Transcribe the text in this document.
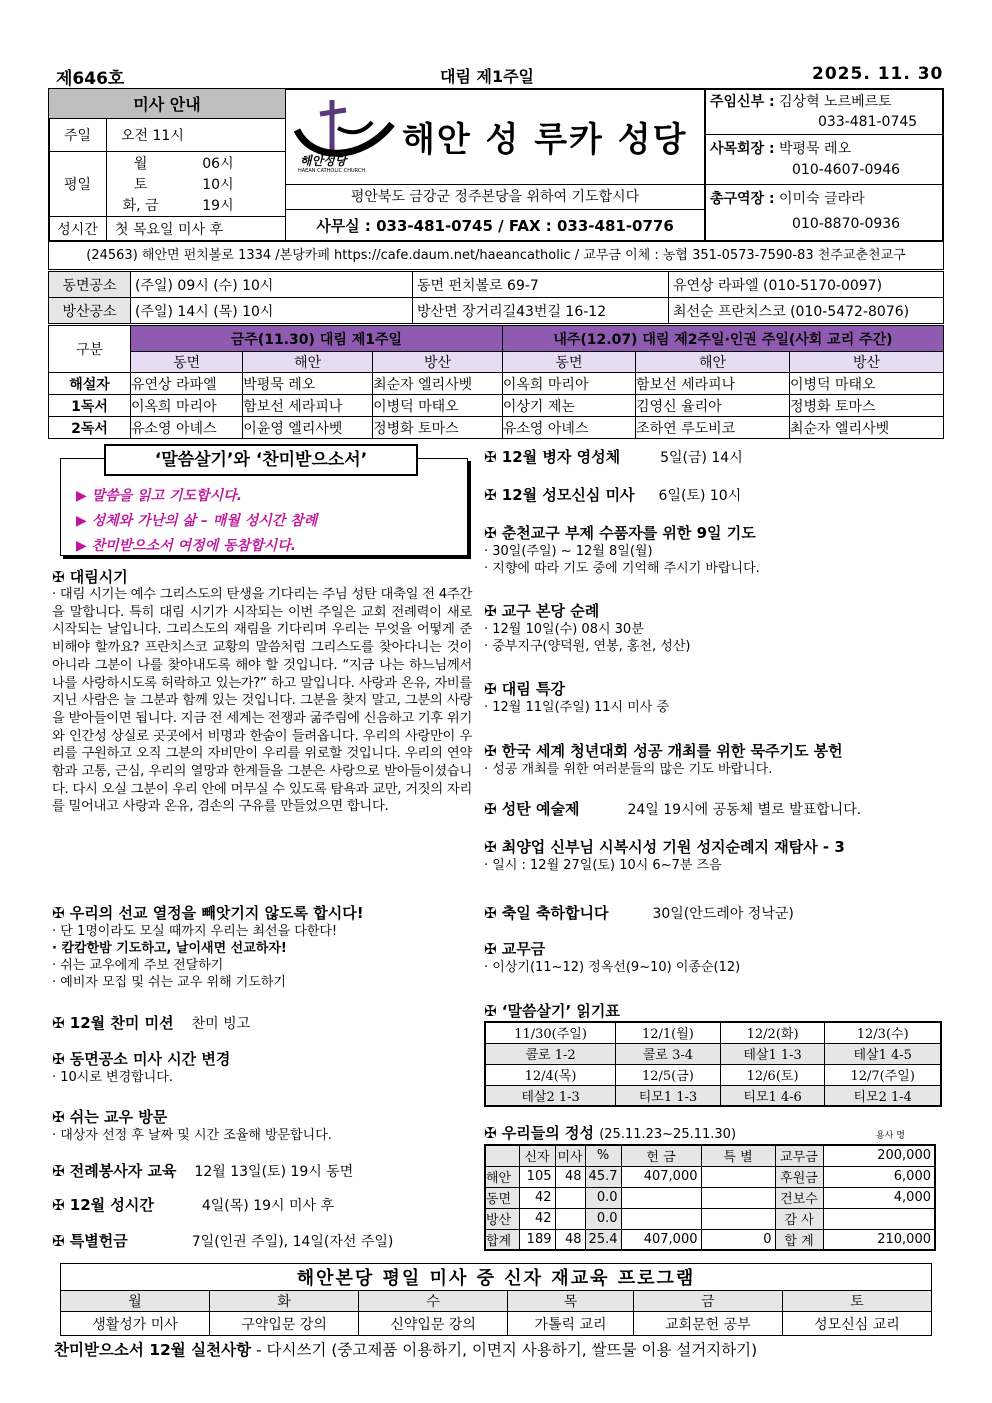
제646호	대림 제1주일	2025. 11. 30
미사 안내		
주일	오전 11시	
평일	월	06시
	토	10시
	화, 금	19시
성시간	첫 목요일 미사 후	
해안성당
HAEAN CATHOLIC CHURCH
해안 성 루카 성당
평안북도 금강군 정주본당을 위하여 기도합시다
사무실 : 033-481-0745 / FAX : 033-481-0776
주임신부 : 김상혁 노르베르토
033-481-0745
사목회장 : 박평묵 레오
010-4607-0946
총구역장 : 이미숙 글라라
010-8870-0936
(24563) 해안면 펀치볼로 1334 /본당카페 https://cafe.daum.net/haeancatholic / 교무금 이체 : 농협 351-0573-7590-83 천주교춘천교구
동면공소	(주일) 09시 (수) 10시	동면 펀치볼로 69-7	유연상 라파엘 (010-5170-0097)
방산공소	(주일) 14시 (목) 10시	방산면 장거리길43번길 16-12	최선순 프란치스코 (010-5472-8076)
구분	금주(11.30) 대림 제1주일			내주(12.07) 대림 제2주일·인권 주일(사회 교리 주간)		
	동면	해안	방산	동면	해안	방산
해설자	유연상 라파엘	박평묵 레오	최순자 엘리사벳	이옥희 마리아	함보선 세라피나	이병덕 마태오
1독서	이옥희 마리아	함보선 세라피나	이병덕 마태오	이상기 제논	김영신 율리아	정병화 토마스
2독서	유소영 아녜스	이윤영 엘리사벳	정병화 토마스	유소영 아녜스	조하연 루도비코	최순자 엘리사벳
‘말씀살기’와 ‘찬미받으소서’
▶ 말씀을 읽고 기도합시다.
▶ 성체와 가난의 삶 – 매월 성시간 참례
▶ 찬미받으소서 여정에 동참합시다.
✠ 대림시기
· 대림 시기는 예수 그리스도의 탄생을 기다리는 주님 성탄 대축일 전 4주간을 말합니다. 특히 대림 시기가 시작되는 이번 주일은 교회 전례력이 새로 시작되는 날입니다. 그리스도의 재림을 기다리며 우리는 무엇을 어떻게 준비해야 할까요? 프란치스코 교황의 말씀처럼 그리스도를 찾아다니는 것이 아니라 그분이 나를 찾아내도록 해야 할 것입니다. “지금 나는 하느님께서 나를 사랑하시도록 허락하고 있는가?” 하고 말입니다. 사랑과 온유, 자비를 지닌 사람은 늘 그분과 함께 있는 것입니다. 그분을 찾지 말고, 그분의 사랑을 받아들이면 됩니다. 지금 전 세계는 전쟁과 굶주림에 신음하고 기후 위기와 인간성 상실로 곳곳에서 비명과 한숨이 들려옵니다. 우리의 사랑만이 우리를 구원하고 오직 그분의 자비만이 우리를 위로할 것입니다. 우리의 연약함과 고통, 근심, 우리의 열망과 한계들을 그분은 사랑으로 받아들이셨습니다. 다시 오실 그분이 우리 안에 머무실 수 있도록 탐욕과 교만, 거짓의 자리를 밀어내고 사랑과 온유, 겸손의 구유를 만들었으면 합니다.
✠ 우리의 선교 열정을 빼앗기지 않도록 합시다!
· 단 1명이라도 모실 때까지 우리는 최선을 다한다!
· 캄캄한밤 기도하고, 날이새면 선교하자!
· 쉬는 교우에게 주보 전달하기
· 예비자 모집 및 쉬는 교우 위해 기도하기
✠ 12월 찬미 미션 찬미 빙고
✠ 동면공소 미사 시간 변경
· 10시로 변경합니다.
✠ 쉬는 교우 방문
· 대상자 선정 후 날짜 및 시간 조율해 방문합니다.
✠ 전례봉사자 교육 12월 13일(토) 19시 동면
✠ 12월 성시간	4일(목) 19시 미사 후
✠ 특별헌금	7일(인권 주일), 14일(자선 주일)
✠ 12월 병자 영성체	5일(금) 14시
✠ 12월 성모신심 미사 6일(토) 10시
✠ 춘천교구 부제 수품자를 위한 9일 기도
· 30일(주일) ~ 12월 8일(월)
· 지향에 따라 기도 중에 기억해 주시기 바랍니다.
✠ 교구 본당 순례
· 12월 10일(수) 08시 30분
· 중부지구(양덕원, 연봉, 홍천, 성산)
✠ 대림 특강
· 12월 11일(주일) 11시 미사 중
✠ 한국 세계 청년대회 성공 개최를 위한 묵주기도 봉헌
· 성공 개최를 위한 여러분들의 많은 기도 바랍니다.
✠ 성탄 예술제	24일 19시에 공동체 별로 발표합니다.
✠ 최양업 신부님 시복시성 기원 성지순례지 재탐사 - 3
· 일시 : 12월 27일(토) 10시 6~7분 즈음
✠ 축일 축하합니다	30일(안드레아 정낙군)
✠ 교무금
· 이상기(11~12) 정옥선(9~10) 이종순(12)
✠ ‘말씀살기’ 읽기표
11/30(주일)	12/1(월)	12/2(화)	12/3(수)
콜로 1-2	콜로 3-4	테살1 1-3	테살1 4-5
12/4(목)	12/5(금)	12/6(토)	12/7(주일)
테살2 1-3	티모1 1-3	티모1 4-6	티모2 1-4
✠ 우리들의 정성 (25.11.23~25.11.30)	용사 명
	신자	미사	%	헌 금	특 별	교무금	200,000
해안	105	48	45.7	407,000		후원금	6,000
동면	42		0.0			건보수	4,000
방산	42		0.0			감 사	
합계	189	48	25.4	407,000	0	합 계	210,000
해안본당 평일 미사 중 신자 재교육 프로그램					
월	화	수	목	금	토
생활성가 미사	구약입문 강의	신약입문 강의	가톨릭 교리	교회문헌 공부	성모신심 교리
찬미받으소서 12월 실천사항 - 다시쓰기 (중고제품 이용하기, 이면지 사용하기, 쌀뜨물 이용 설거지하기)
